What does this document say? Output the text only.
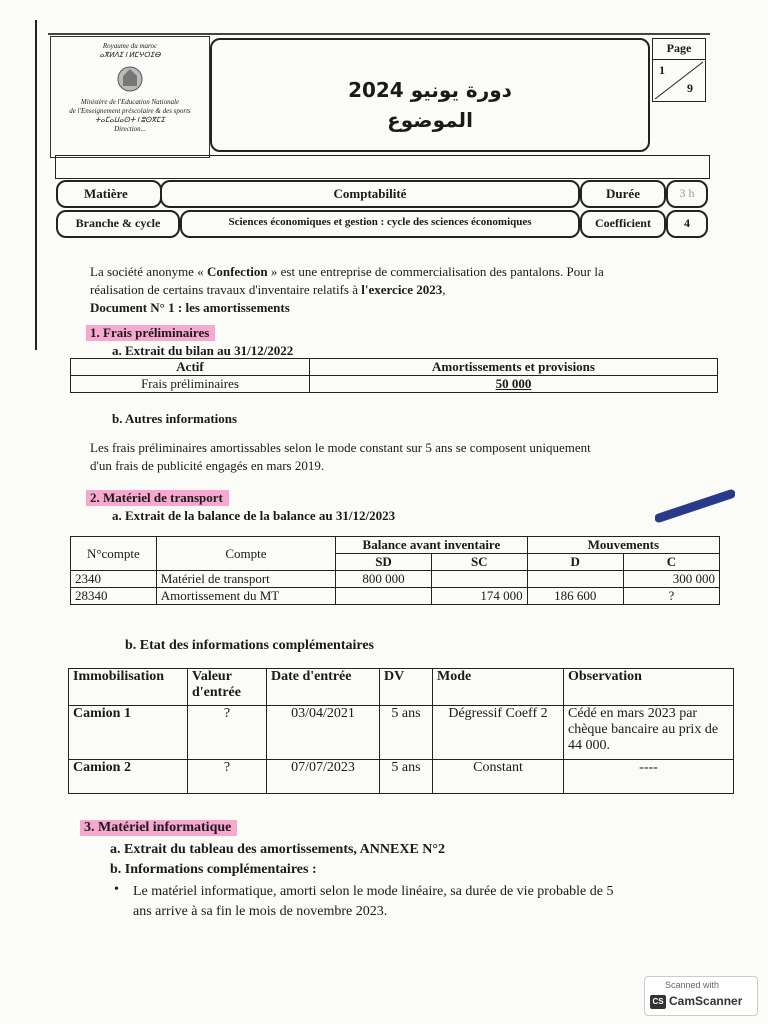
Royaume du maroc
ⴰⴳⵍⴷⵉ ⵏ ⵍⵎⵖⵔⵉⴱ
Ministère de l'Education Nationale
de l'Enseignement préscolaire & des sports
ⵜⴰⵎⴰⵡⴰⵙⵜ ⵏ ⵓⵙⴳⵎⵉ
Direction...
دورة يونيو 2024
الموضوع
Page
1
9
Matière	Comptabilité	Durée	3 h
Branche & cycle	Sciences économiques et gestion : cycle des sciences économiques	Coefficient	4
La société anonyme « Confection » est une entreprise de commercialisation des pantalons. Pour la
réalisation de certains travaux d'inventaire relatifs à l'exercice 2023,
Document N° 1 : les amortissements
1. Frais préliminaires
a. Extrait du bilan au 31/12/2022
Actif	Amortissements et provisions
Frais préliminaires	50 000
b. Autres informations
Les frais préliminaires amortissables selon le mode constant sur 5 ans se composent uniquement
d'un frais de publicité engagés en mars 2019.
2. Matériel de transport
a. Extrait de la balance de la balance au 31/12/2023
N°compte	Compte	Balance avant inventaire		Mouvements	
		SD	SC	D	C
2340	Matériel de transport	800 000			300 000
28340	Amortissement du MT		174 000	186 600	?
b. Etat des informations complémentaires
Immobilisation	Valeur d'entrée	Date d'entrée	DV	Mode	Observation
Camion 1	?	03/04/2021	5 ans	Dégressif Coeff 2	Cédé en mars 2023 par chèque bancaire au prix de 44 000.
Camion 2	?	07/07/2023	5 ans	Constant	----
3. Matériel informatique
a. Extrait du tableau des amortissements, ANNEXE N°2
b. Informations complémentaires :
• Le matériel informatique, amorti selon le mode linéaire, sa durée de vie probable de 5
ans arrive à sa fin le mois de novembre 2023.
Scanned with
CS CamScanner
